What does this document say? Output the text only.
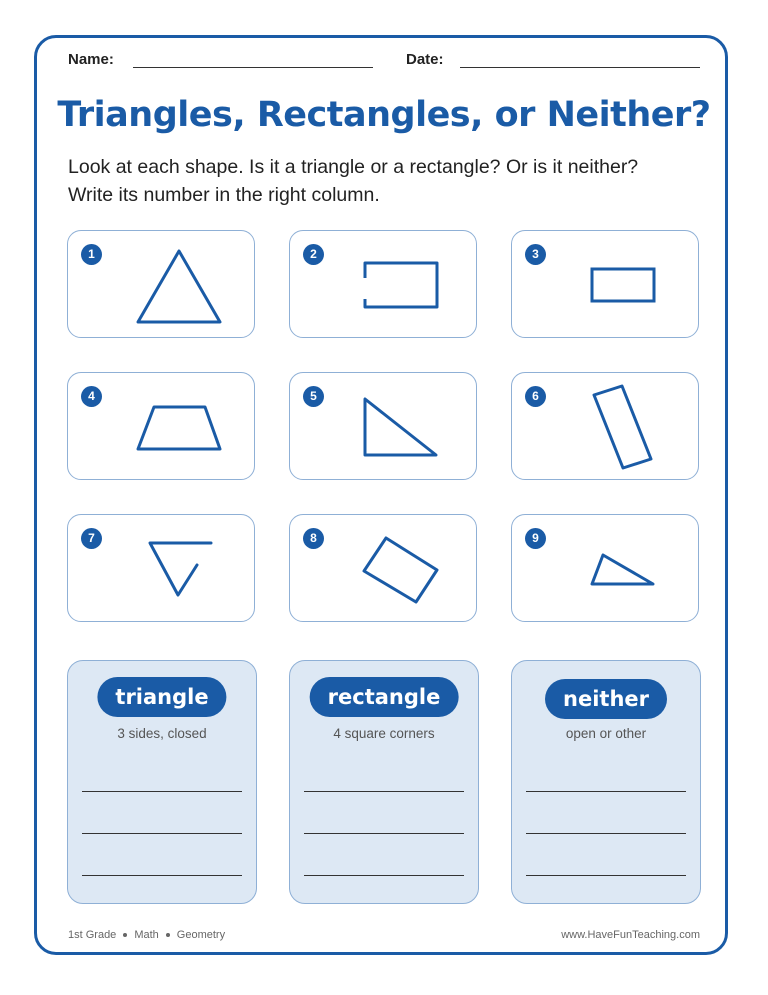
Name:	Date:
Triangles, Rectangles, or Neither?
Look at each shape. Is it a triangle or a rectangle? Or is it neither? Write its number in the right column.
1	2	3
4	5	6
7	8	9
triangle
3 sides, closed
rectangle
4 square corners
neither
open or other
1st Grade Math Geometry	www.HaveFunTeaching.com
